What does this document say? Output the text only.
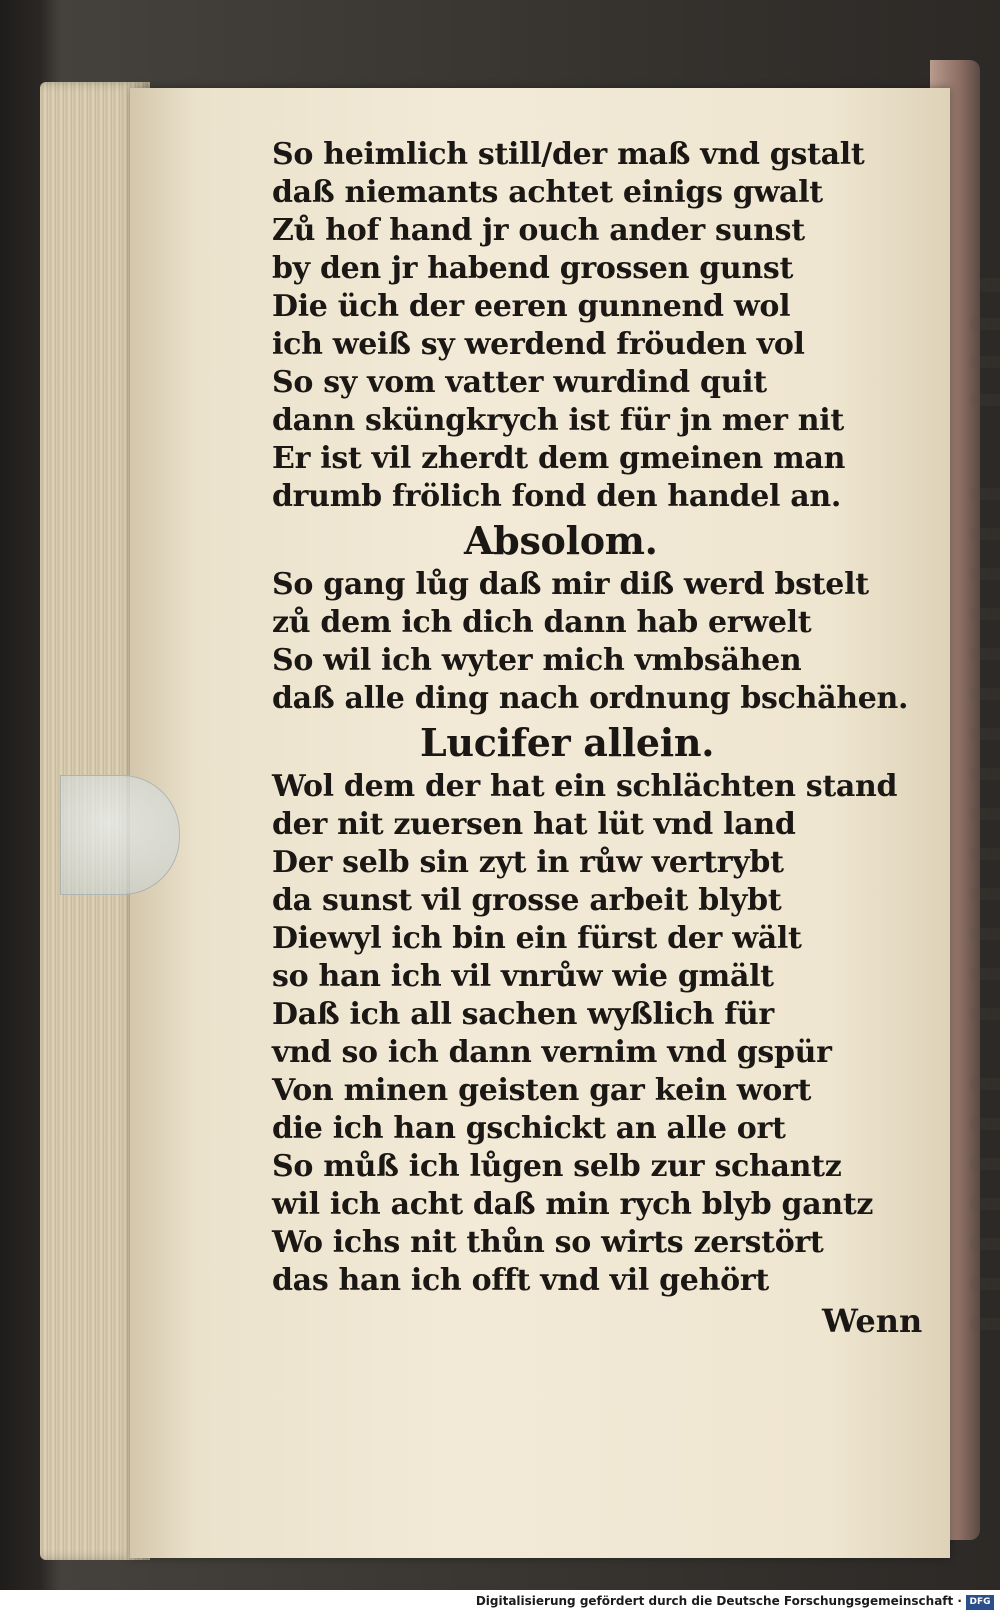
So heimlich still/der maß vnd gstalt
daß niemants achtet einigs gwalt
Zů hof hand jr ouch ander sunst
by den jr habend grossen gunst
Die üch der eeren gunnend wol
ich weiß sy werdend fröuden vol
So sy vom vatter wurdind quit
dann sküngkrych ist für jn mer nit
Er ist vil zherdt dem gmeinen man
drumb frölich fond den handel an.
Absolom.
So gang lůg daß mir diß werd bstelt
zů dem ich dich dann hab erwelt
So wil ich wyter mich vmbsähen
daß alle ding nach ordnung bschähen.
Lucifer allein.
Wol dem der hat ein schlächten stand
der nit zuersen hat lüt vnd land
Der selb sin zyt in růw vertrybt
da sunst vil grosse arbeit blybt
Diewyl ich bin ein fürst der wält
so han ich vil vnrůw wie gmält
Daß ich all sachen wyßlich für
vnd so ich dann vernim vnd gspür
Von minen geisten gar kein wort
die ich han gschickt an alle ort
So můß ich lůgen selb zur schantz
wil ich acht daß min rych blyb gantz
Wo ichs nit thůn so wirts zerstört
das han ich offt vnd vil gehört
Wenn
Digitalisierung gefördert durch die Deutsche Forschungsgemeinschaft · DFG
